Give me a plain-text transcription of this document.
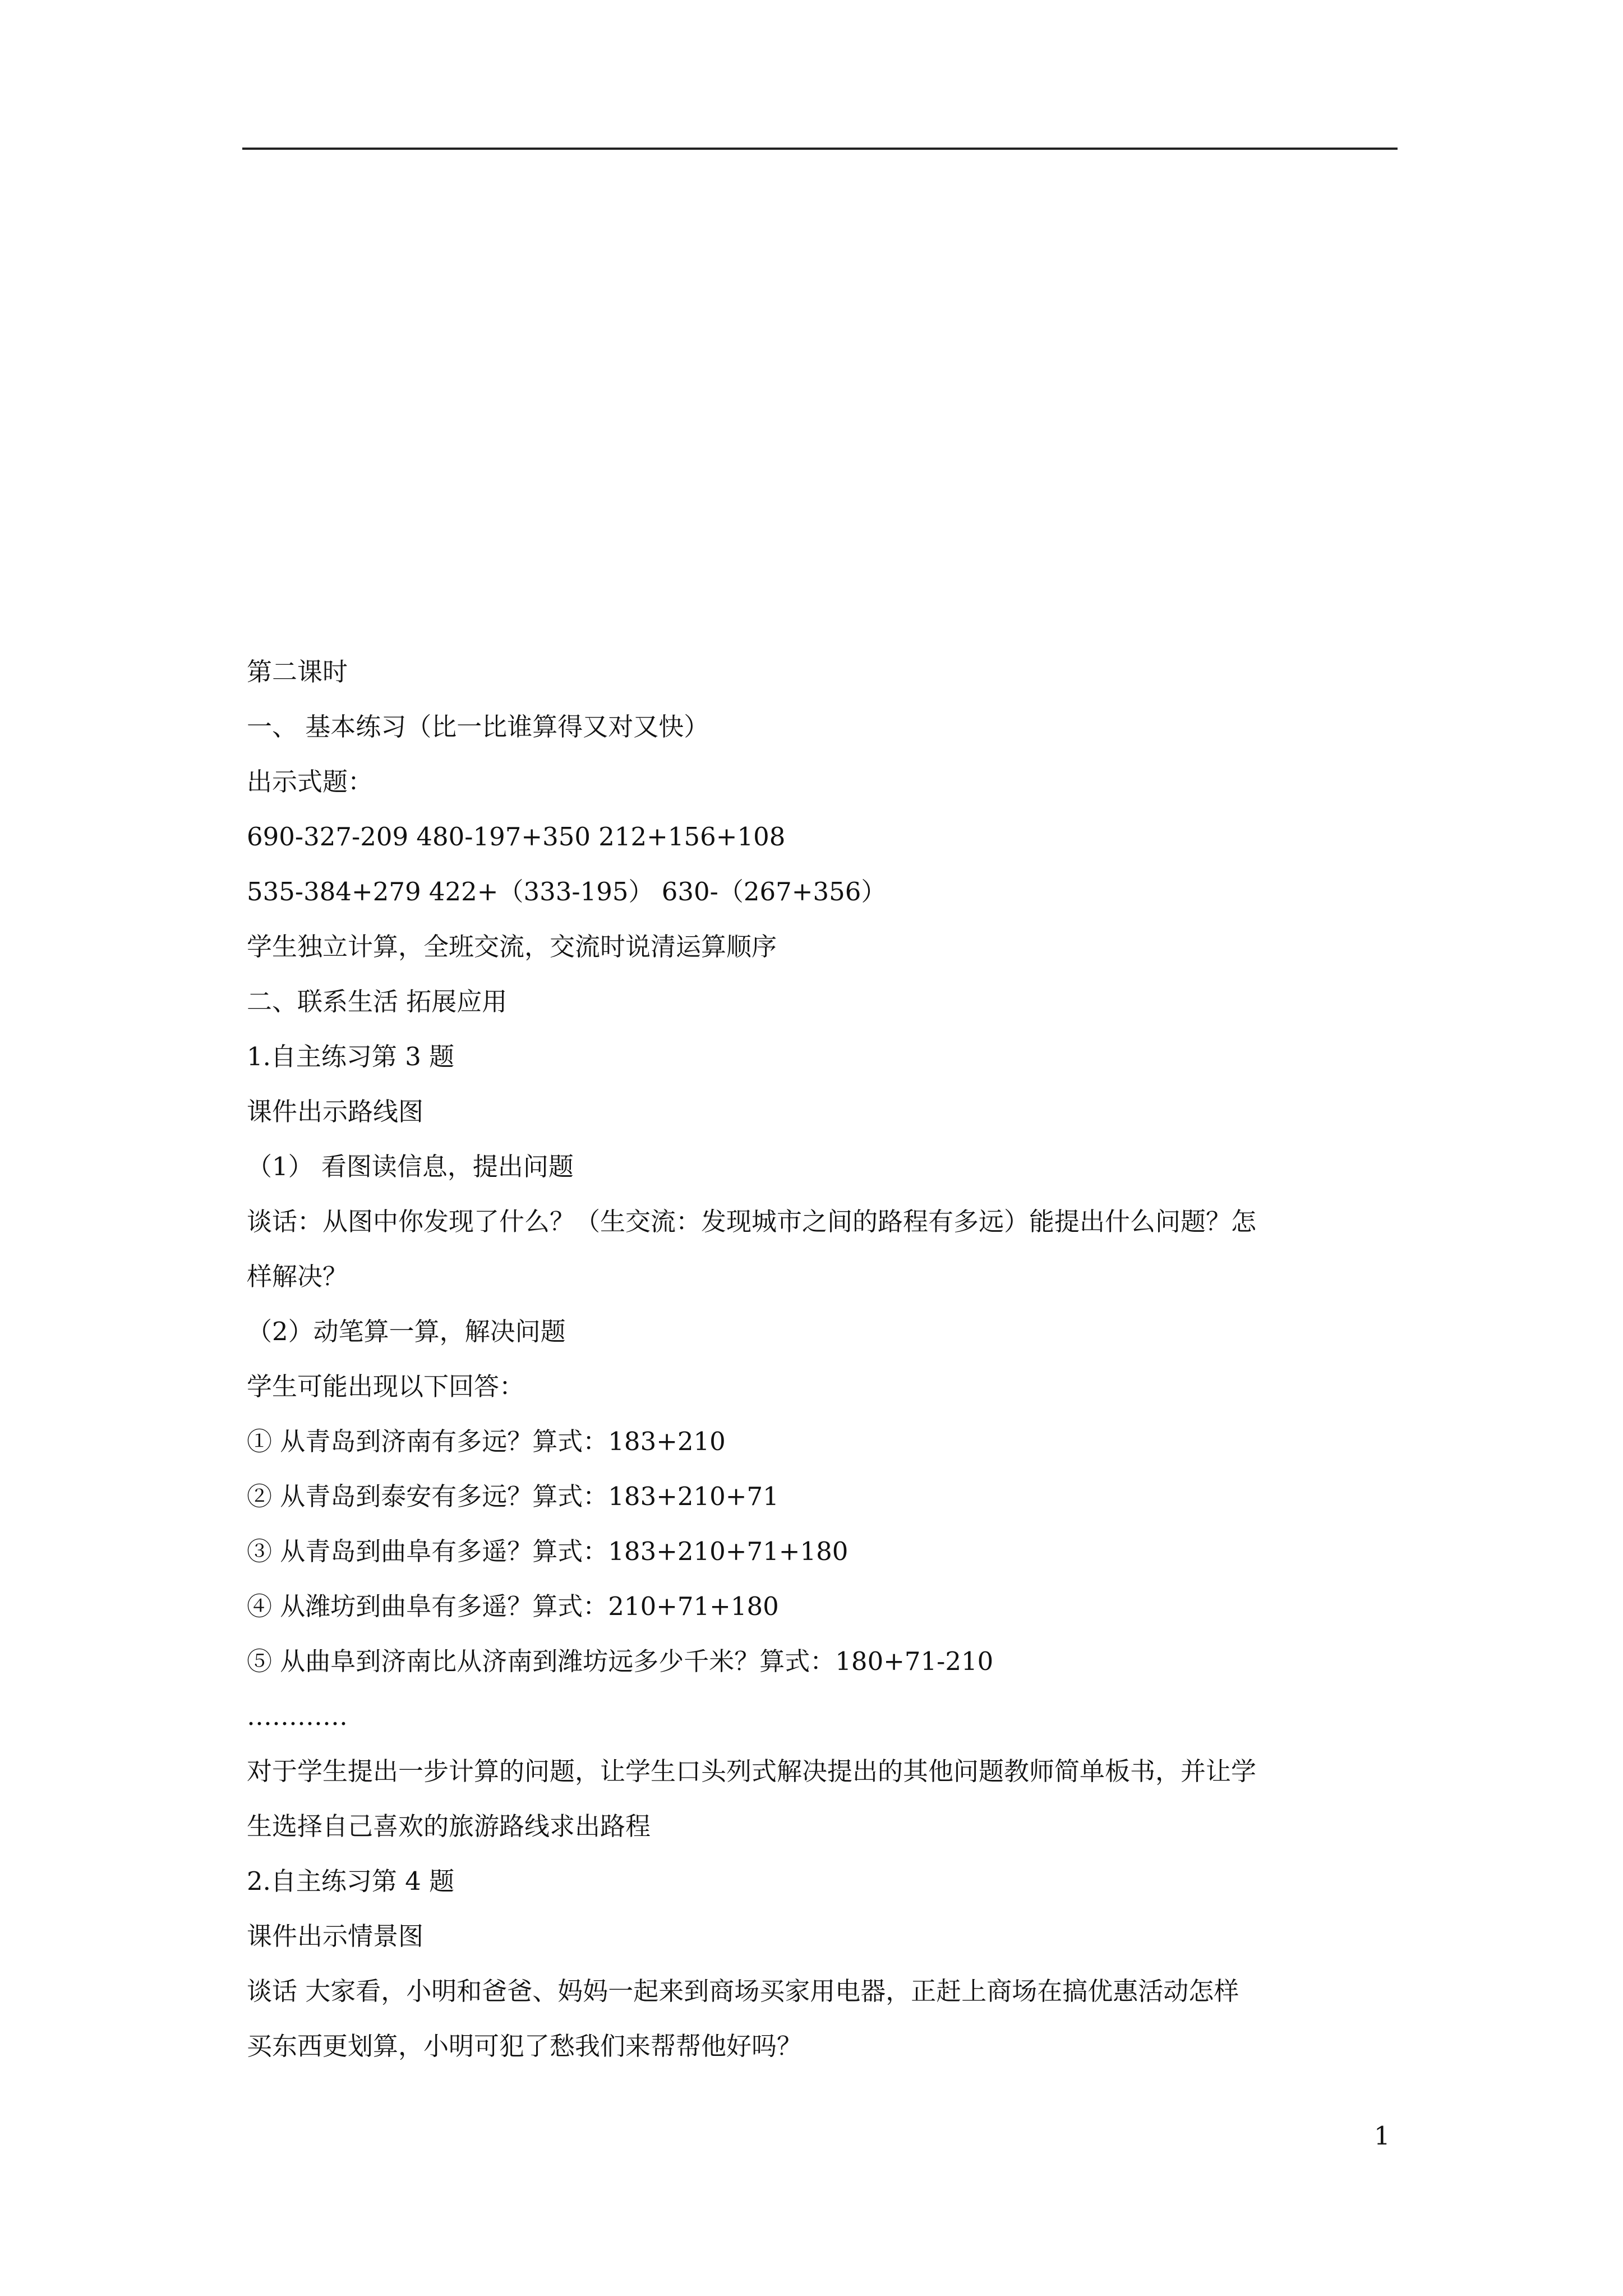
第二课时
一、 基本练习（比一比谁算得又对又快）
出示式题：
690-327-209 480-197+350 212+156+108
535-384+279 422+（333-195） 630-（267+356）
学生独立计算，全班交流，交流时说清运算顺序
二、联系生活 拓展应用
1.自主练习第 3 题
课件出示路线图
（1） 看图读信息，提出问题
谈话：从图中你发现了什么？（生交流：发现城市之间的路程有多远）能提出什么问题？怎
样解决？
（2）动笔算一算，解决问题
学生可能出现以下回答：
① 从青岛到济南有多远？算式：183+210
② 从青岛到泰安有多远？算式：183+210+71
③ 从青岛到曲阜有多遥？算式：183+210+71+180
④ 从潍坊到曲阜有多遥？算式：210+71+180
⑤ 从曲阜到济南比从济南到潍坊远多少千米？算式：180+71-210
…………
对于学生提出一步计算的问题，让学生口头列式解决提出的其他问题教师简单板书，并让学
生选择自己喜欢的旅游路线求出路程
2.自主练习第 4 题
课件出示情景图
谈话 大家看，小明和爸爸、妈妈一起来到商场买家用电器，正赶上商场在搞优惠活动怎样
买东西更划算，小明可犯了愁我们来帮帮他好吗？
1
